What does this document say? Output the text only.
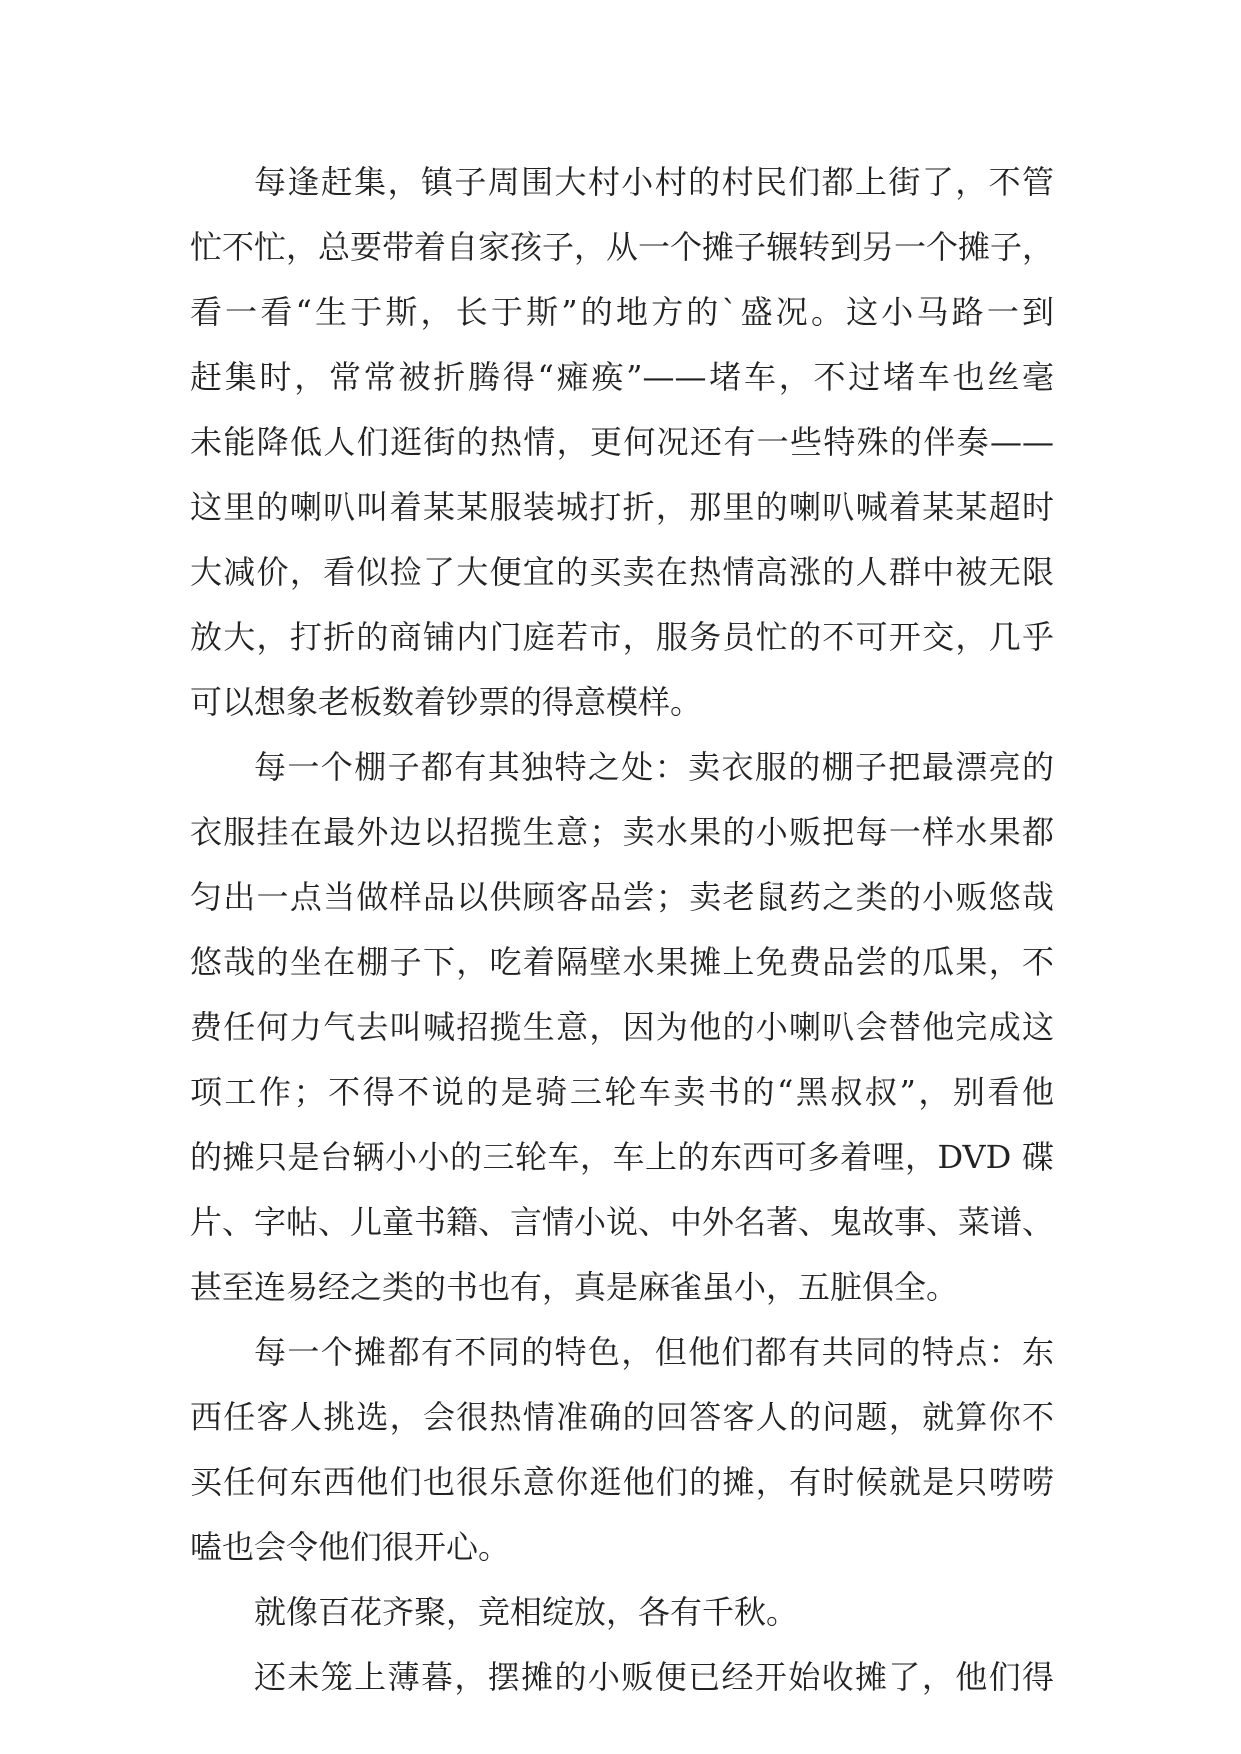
每逢赶集，镇子周围大村小村的村民们都上街了，不管
忙不忙，总要带着自家孩子，从一个摊子辗转到另一个摊子，
看一看“生于斯，长于斯”的地方的`盛况。这小马路一到
赶集时，常常被折腾得“瘫痪”——堵车，不过堵车也丝毫
未能降低人们逛街的热情，更何况还有一些特殊的伴奏——
这里的喇叭叫着某某服装城打折，那里的喇叭喊着某某超时
大减价，看似捡了大便宜的买卖在热情高涨的人群中被无限
放大，打折的商铺内门庭若市，服务员忙的不可开交，几乎
可以想象老板数着钞票的得意模样。
每一个棚子都有其独特之处：卖衣服的棚子把最漂亮的
衣服挂在最外边以招揽生意；卖水果的小贩把每一样水果都
匀出一点当做样品以供顾客品尝；卖老鼠药之类的小贩悠哉
悠哉的坐在棚子下，吃着隔壁水果摊上免费品尝的瓜果，不
费任何力气去叫喊招揽生意，因为他的小喇叭会替他完成这
项工作；不得不说的是骑三轮车卖书的“黑叔叔”，别看他
的摊只是台辆小小的三轮车，车上的东西可多着哩，DVD 碟
片、字帖、儿童书籍、言情小说、中外名著、鬼故事、菜谱、
甚至连易经之类的书也有，真是麻雀虽小，五脏俱全。
每一个摊都有不同的特色，但他们都有共同的特点：东
西任客人挑选，会很热情准确的回答客人的问题，就算你不
买任何东西他们也很乐意你逛他们的摊，有时候就是只唠唠
嗑也会令他们很开心。
就像百花齐聚，竞相绽放，各有千秋。
还未笼上薄暮，摆摊的小贩便已经开始收摊了，他们得
